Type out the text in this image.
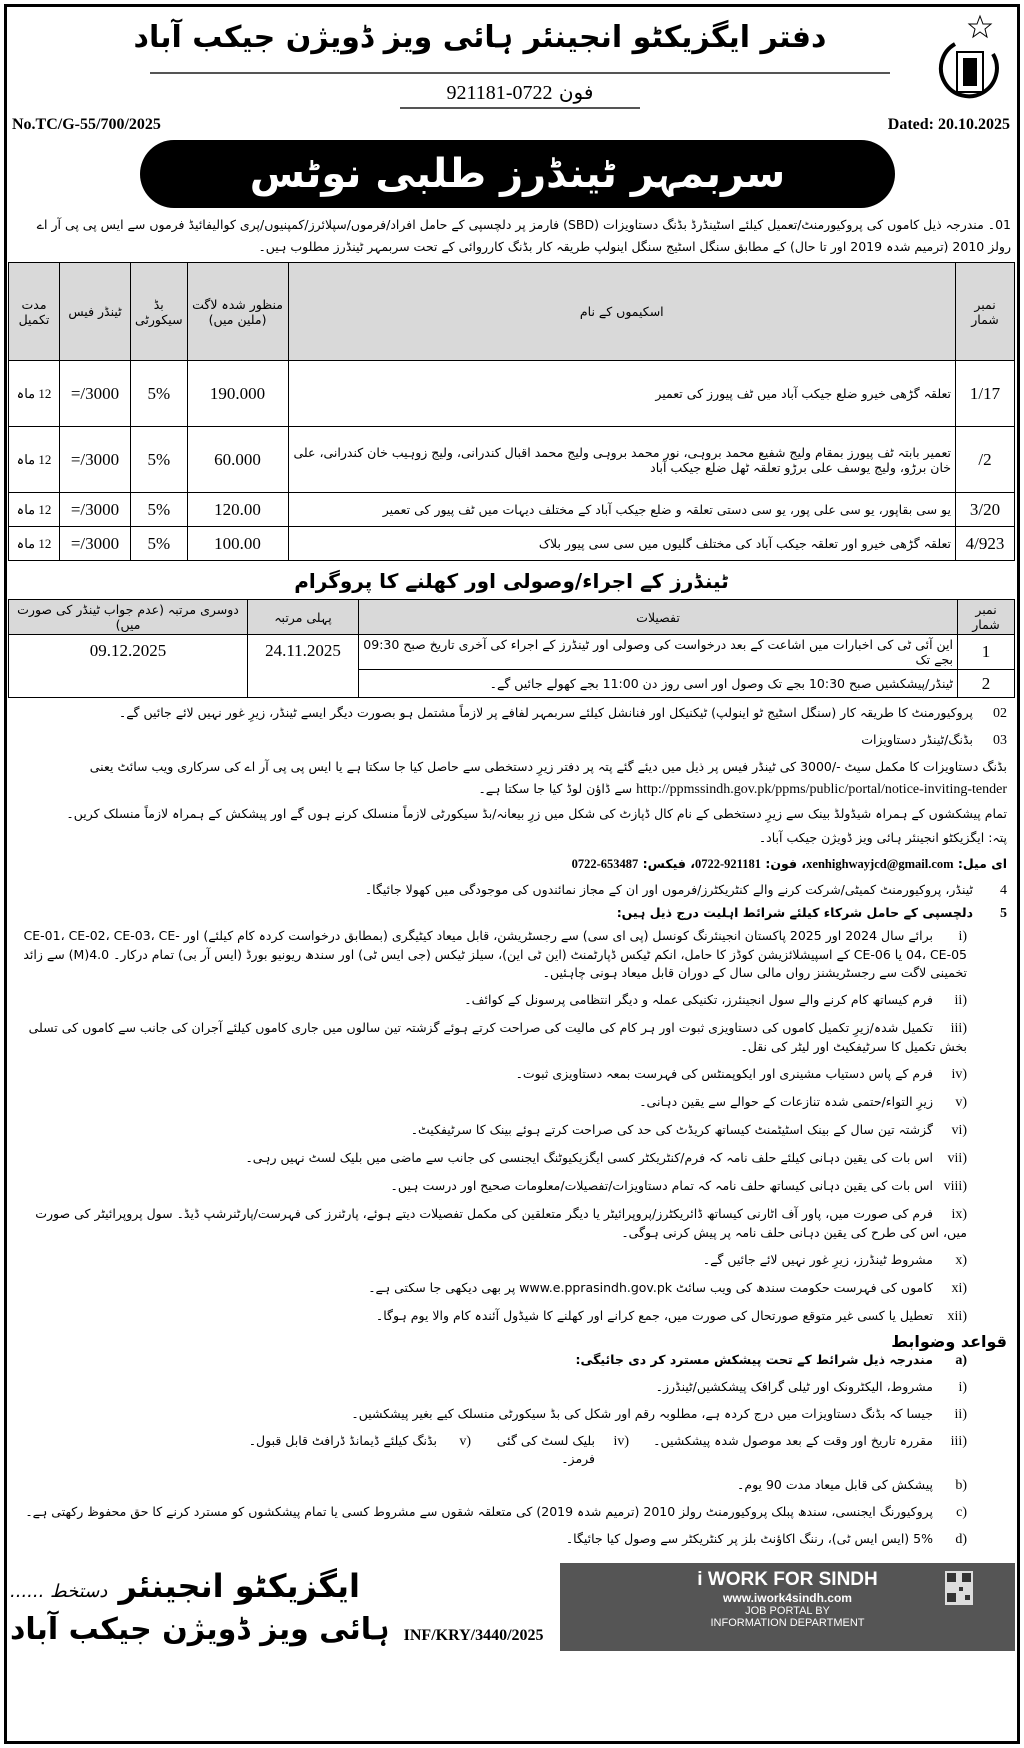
دفتر ایگزیکٹو انجینئر ہائی ویز ڈویژن جیکب آباد
فون 0722-921181
No.TC/G-55/700/2025	Dated: 20.10.2025
سربمہر ٹینڈرز طلبی نوٹس
01۔ مندرجہ ذیل کاموں کی پروکیورمنٹ/تعمیل کیلئے اسٹینڈرڈ بڈنگ دستاویزات (SBD) فارمز پر دلچسپی کے حامل افراد/فرموں/سپلائرز/کمپنیوں/پری کوالیفائیڈ فرموں سے ایس پی پی آر اے رولز 2010 (ترمیم شدہ 2019 اور تا حال) کے مطابق سنگل اسٹیج سنگل اینولپ طریقہ کار بڈنگ کارروائی کے تحت سربمہر ٹینڈرز مطلوب ہیں۔
نمبر شمار	اسکیموں کے نام	منظور شدہ لاگت (ملین میں)	بڈ سیکورٹی	ٹینڈر فیس	مدت تکمیل
1/17	تعلقہ گڑھی خیرو ضلع جیکب آباد میں ٹف پیورز کی تعمیر	190.000	5%	3000/=	12 ماہ
2/	تعمیر بابتہ ٹف پیورز بمقام ولیج شفیع محمد بروہی، نور محمد بروہی ولیج محمد اقبال کندرانی، ولیج زوہیب خان کندرانی، علی خان برڑو، ولیج یوسف علی برڑو تعلقہ ٹھل ضلع جیکب آباد	60.000	5%	3000/=	12 ماہ
3/20	یو سی بقاپور، یو سی علی پور، یو سی دستی تعلقہ و ضلع جیکب آباد کے مختلف دیہات میں ٹف پیور کی تعمیر	120.00	5%	3000/=	12 ماہ
4/923	تعلقہ گڑھی خیرو اور تعلقہ جیکب آباد کی مختلف گلیوں میں سی سی پیور بلاک	100.00	5%	3000/=	12 ماہ
ٹینڈرز کے اجراء/وصولی اور کھلنے کا پروگرام
نمبر شمار	تفصیلات	پہلی مرتبہ	دوسری مرتبہ (عدم جواب ٹینڈر کی صورت میں)
1	این آئی ٹی کی اخبارات میں اشاعت کے بعد درخواست کی وصولی اور ٹینڈرز کے اجراء کی آخری تاریخ صبح 09:30 بجے تک	24.11.2025	09.12.2025
2	ٹینڈر/پیشکشیں صبح 10:30 بجے تک وصول اور اسی روز دن 11:00 بجے کھولے جائیں گے۔		
02پروکیورمنٹ کا طریقہ کار (سنگل اسٹیج ٹو اینولپ) ٹیکنیکل اور فنانشل کیلئے سربمہر لفافے پر لازماً مشتمل ہو بصورت دیگر ایسے ٹینڈر، زیرِ غور نہیں لائے جائیں گے۔
03بڈنگ/ٹینڈر دستاویزات
بڈنگ دستاویزات کا مکمل سیٹ -/3000 کی ٹینڈر فیس پر ذیل میں دیئے گئے پتہ پر دفتر زیرِ دستخطی سے حاصل کیا جا سکتا ہے یا ایس پی پی آر اے کی سرکاری ویب سائٹ یعنی
http://ppmssindh.gov.pk/ppms/public/portal/notice-inviting-tender سے ڈاؤن لوڈ کیا جا سکتا ہے۔
تمام پیشکشوں کے ہمراہ شیڈولڈ بینک سے زیرِ دستخطی کے نام کال ڈپازٹ کی شکل میں زرِ بیعانہ/بڈ سیکورٹی لازماً منسلک کرنے ہوں گے اور پیشکش کے ہمراہ لازماً منسلک کریں۔
پتہ: ایگزیکٹو انجینئر ہائی ویز ڈویژن جیکب آباد۔
ای میل: xenhighwayjcd@gmail.com، فون: 0722-921181، فیکس: 0722-653487
4ٹینڈر، پروکیورمنٹ کمیٹی/شرکت کرنے والے کنٹریکٹرز/فرموں اور ان کے مجاز نمائندوں کی موجودگی میں کھولا جائیگا۔
5دلچسپی کے حامل شرکاء کیلئے شرائط اہلیت درج ذیل ہیں:
(iبرائے سال 2024 اور 2025 پاکستان انجینئرنگ کونسل (پی ای سی) سے رجسٹریشن، قابل میعاد کیٹیگری (بمطابق درخواست کردہ کام کیلئے) اور CE-01، CE-02، CE-03، CE-04، CE-05 یا CE-06 کے اسپیشلائزیشن کوڈز کا حامل، انکم ٹیکس ڈپارٹمنٹ (این ٹی این)، سیلز ٹیکس (جی ایس ٹی) اور سندھ ریونیو بورڈ (ایس آر بی) تمام درکار۔ 4.0(M) سے زائد تخمینی لاگت سے رجسٹریشنز رواں مالی سال کے دوران قابل میعاد ہونی چاہئیں۔
(iiفرم کیساتھ کام کرنے والے سول انجینئرز، تکنیکی عملہ و دیگر انتظامی پرسونل کے کوائف۔
(iiiتکمیل شدہ/زیرِ تکمیل کاموں کی دستاویزی ثبوت اور ہر کام کی مالیت کی صراحت کرتے ہوئے گزشتہ تین سالوں میں جاری کاموں کیلئے آجران کی جانب سے کاموں کی تسلی بخش تکمیل کا سرٹیفکیٹ اور لیٹر کی نقل۔
(ivفرم کے پاس دستیاب مشینری اور ایکوپمنٹس کی فہرست بمعہ دستاویزی ثبوت۔
(vزیرِ التواء/حتمی شدہ تنازعات کے حوالے سے یقین دہانی۔
(viگزشتہ تین سال کے بینک اسٹیٹمنٹ کیساتھ کریڈٹ کی حد کی صراحت کرتے ہوئے بینک کا سرٹیفکیٹ۔
(viiاس بات کی یقین دہانی کیلئے حلف نامہ کہ فرم/کنٹریکٹر کسی ایگزیکیوٹنگ ایجنسی کی جانب سے ماضی میں بلیک لسٹ نہیں رہی۔
(viiiاس بات کی یقین دہانی کیساتھ حلف نامہ کہ تمام دستاویزات/تفصیلات/معلومات صحیح اور درست ہیں۔
(ixفرم کی صورت میں، پاور آف اٹارنی کیساتھ ڈائریکٹرز/پروپرائیٹر یا دیگر متعلقین کی مکمل تفصیلات دیتے ہوئے، پارٹنرز کی فہرست/پارٹنرشپ ڈیڈ۔ سول پروپرائیٹر کی صورت میں، اس کی طرح کی یقین دہانی حلف نامہ پر پیش کرنی ہوگی۔
(xمشروط ٹینڈرز، زیرِ غور نہیں لائے جائیں گے۔
(xiکاموں کی فہرست حکومت سندھ کی ویب سائٹ www.e.pprasindh.gov.pk پر بھی دیکھی جا سکتی ہے۔
(xiiتعطیل یا کسی غیر متوقع صورتحال کی صورت میں، جمع کرانے اور کھلنے کا شیڈول آئندہ کام والا یوم ہوگا۔
قواعد وضوابط
(aمندرجہ ذیل شرائط کے تحت پیشکش مسترد کر دی جائیگی:
(iمشروط، الیکٹرونک اور ٹیلی گرافک پیشکشیں/ٹینڈرز۔
(iiجیسا کہ بڈنگ دستاویزات میں درج کردہ ہے، مطلوبہ رقم اور شکل کی بڈ سیکورٹی منسلک کیے بغیر پیشکشیں۔
(iiiمقررہ تاریخ اور وقت کے بعد موصول شدہ پیشکشیں۔ (ivبلیک لسٹ کی گئی فرمز۔ (vبڈنگ کیلئے ڈیمانڈ ڈرافٹ قابل قبول۔
(bپیشکش کی قابل میعاد مدت 90 یوم۔
(cپروکیورنگ ایجنسی، سندھ پبلک پروکیورمنٹ رولز 2010 (ترمیم شدہ 2019) کی متعلقہ شقوں سے مشروط کسی یا تمام پیشکشوں کو مسترد کرنے کا حق محفوظ رکھتی ہے۔
(d5% (ایس ایس ٹی)، رننگ اکاؤنٹ بلز پر کنٹریکٹر سے وصول کیا جائیگا۔
ایگزیکٹو انجینئر دستخط ......
ہائی ویز ڈویژن جیکب آباد INF/KRY/3440/2025
i WORK FOR SINDH
www.iwork4sindh.com
JOB PORTAL BY
INFORMATION DEPARTMENT
